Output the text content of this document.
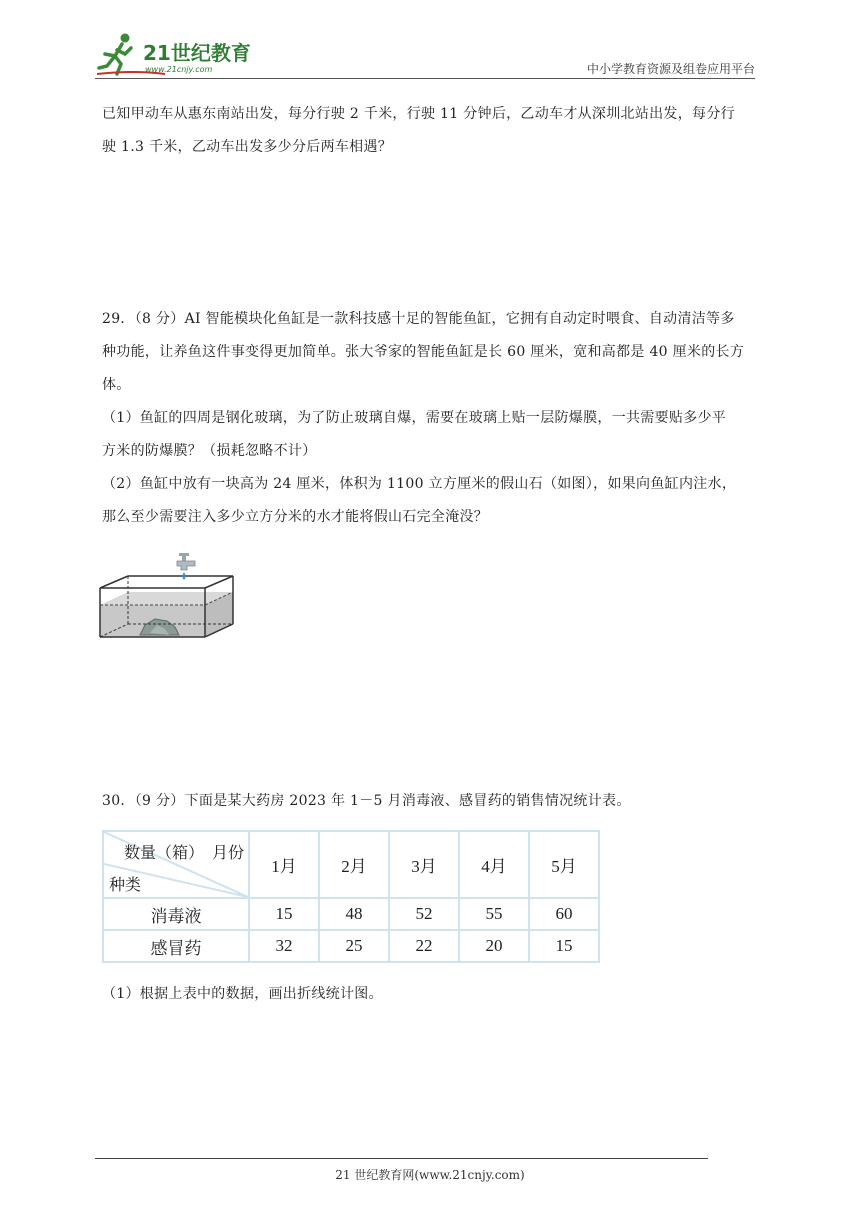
21世纪教育
www.21cnjy.com	中小学教育资源及组卷应用平台
已知甲动车从惠东南站出发，每分行驶 2 千米，行驶 11 分钟后，乙动车才从深圳北站出发，每分行
驶 1.3 千米，乙动车出发多少分后两车相遇？
29．（8 分）AI 智能模块化鱼缸是一款科技感十足的智能鱼缸，它拥有自动定时喂食、自动清洁等多
种功能，让养鱼这件事变得更加简单。张大爷家的智能鱼缸是长 60 厘米，宽和高都是 40 厘米的长方
体。
（1）鱼缸的四周是钢化玻璃，为了防止玻璃自爆，需要在玻璃上贴一层防爆膜，一共需要贴多少平
方米的防爆膜？（损耗忽略不计）
（2）鱼缸中放有一块高为 24 厘米，体积为 1100 立方厘米的假山石（如图），如果向鱼缸内注水，
那么至少需要注入多少立方分米的水才能将假山石完全淹没？
30．（9 分）下面是某大药房 2023 年 1－5 月消毒液、感冒药的销售情况统计表。
数量（箱）　月份
种类	1月	2月	3月	4月	5月
消毒液	15	48	52	55	60
感冒药	32	25	22	20	15
（1）根据上表中的数据，画出折线统计图。
21 世纪教育网(www.21cnjy.com)
